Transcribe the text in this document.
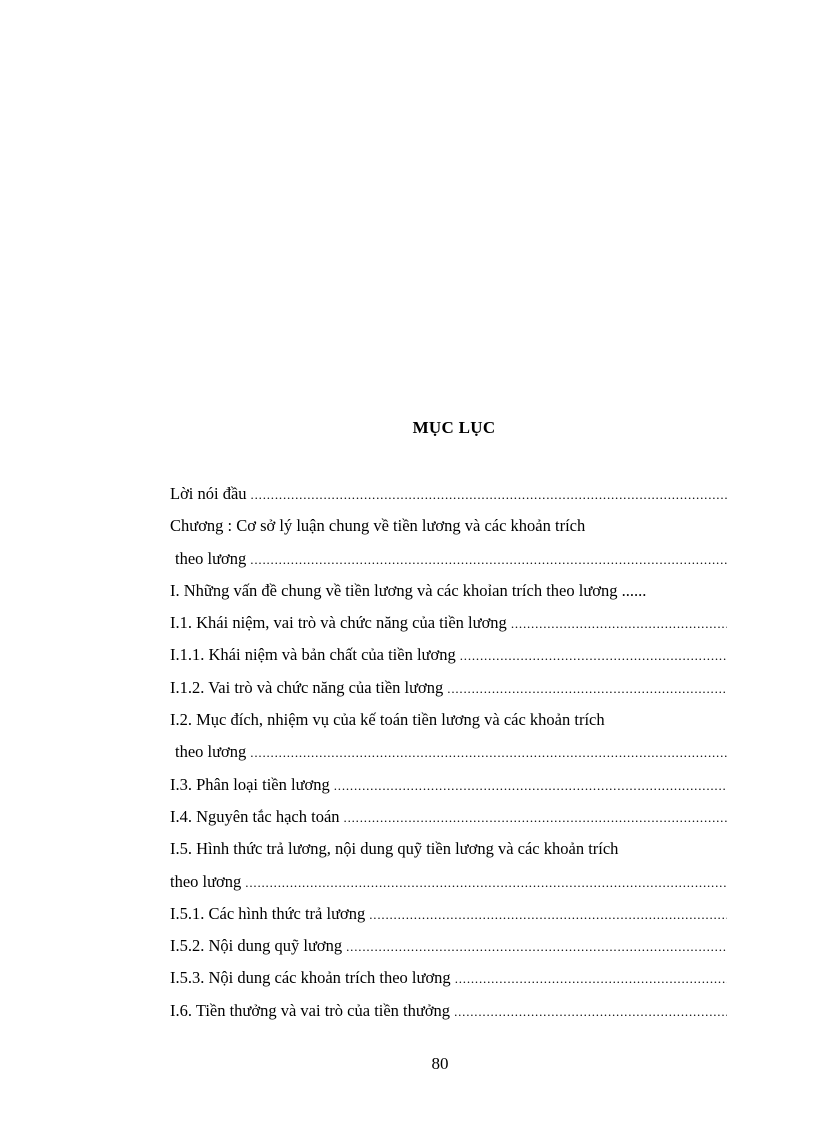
MỤC LỤC
Lời nói đầu
.....
Chương : Cơ sở lý luận chung về tiền lương và các khoản trích
theo lương
.....
I. Những vấn đề chung về tiền lương và các khoỉan trích theo lương ......
I.1. Khái niệm, vai trò và chức năng của tiền lương
.....
I.1.1. Khái niệm và bản chất của tiền lương
.....
I.1.2. Vai trò và chức năng của tiền lương
.....
I.2. Mục đích, nhiệm vụ của kế toán tiền lương và các khoản trích
theo lương
.....
I.3. Phân loại tiền lương
.....
I.4. Nguyên tắc hạch toán
.....
I.5. Hình thức trả lương, nội dung quỹ tiền lương và các khoản trích
theo lương
.....
I.5.1. Các hình thức trả lương
.....
I.5.2. Nội dung quỹ lương
.....
I.5.3. Nội dung các khoản trích theo lương
.....
I.6. Tiền thưởng và vai trò của tiền thưởng
.....
80
